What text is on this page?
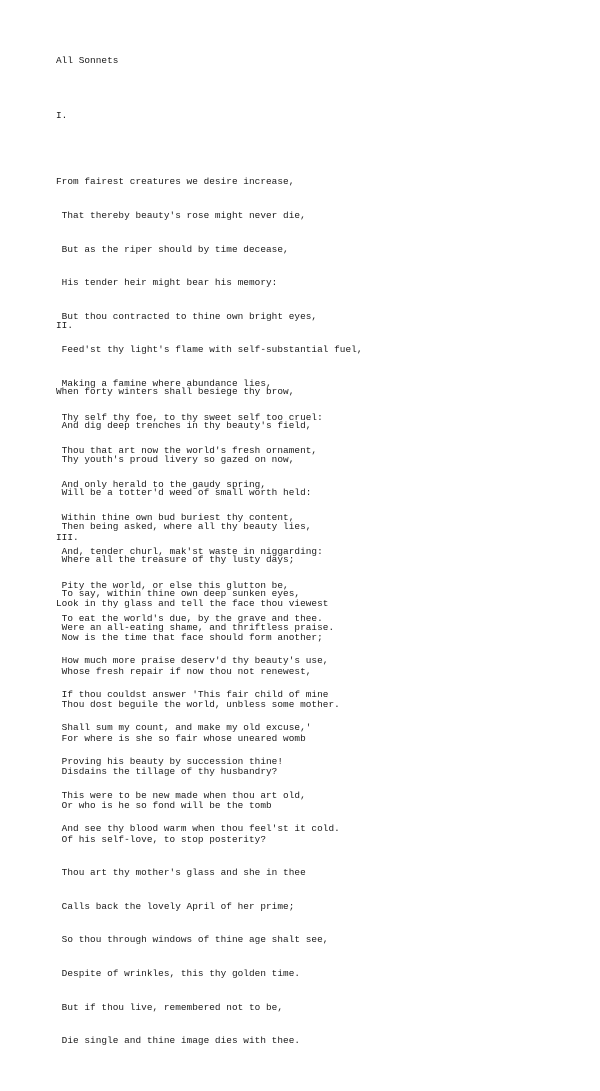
All Sonnets

I.

From fairest creatures we desire increase,

That thereby beauty's rose might never die,

But as the riper should by time decease,

His tender heir might bear his memory:

But thou contracted to thine own bright eyes,

Feed'st thy light's flame with self-substantial fuel,

Making a famine where abundance lies,

Thy self thy foe, to thy sweet self too cruel:

Thou that art now the world's fresh ornament,

And only herald to the gaudy spring,

Within thine own bud buriest thy content,

And, tender churl, mak'st waste in niggarding:

Pity the world, or else this glutton be,

To eat the world's due, by the grave and thee.

II.

When forty winters shall besiege thy brow,

And dig deep trenches in thy beauty's field,

Thy youth's proud livery so gazed on now,

Will be a totter'd weed of small worth held:

Then being asked, where all thy beauty lies,

Where all the treasure of thy lusty days;

To say, within thine own deep sunken eyes,

Were an all-eating shame, and thriftless praise.

How much more praise deserv'd thy beauty's use,

If thou couldst answer 'This fair child of mine

Shall sum my count, and make my old excuse,'

Proving his beauty by succession thine!

This were to be new made when thou art old,

And see thy blood warm when thou feel'st it cold.

III.

Look in thy glass and tell the face thou viewest

Now is the time that face should form another;

Whose fresh repair if now thou not renewest,

Thou dost beguile the world, unbless some mother.

For where is she so fair whose uneared womb

Disdains the tillage of thy husbandry?

Or who is he so fond will be the tomb

Of his self-love, to stop posterity?

Thou art thy mother's glass and she in thee

Calls back the lovely April of her prime;

So thou through windows of thine age shalt see,

Despite of wrinkles, this thy golden time.

But if thou live, remembered not to be,

Die single and thine image dies with thee.
